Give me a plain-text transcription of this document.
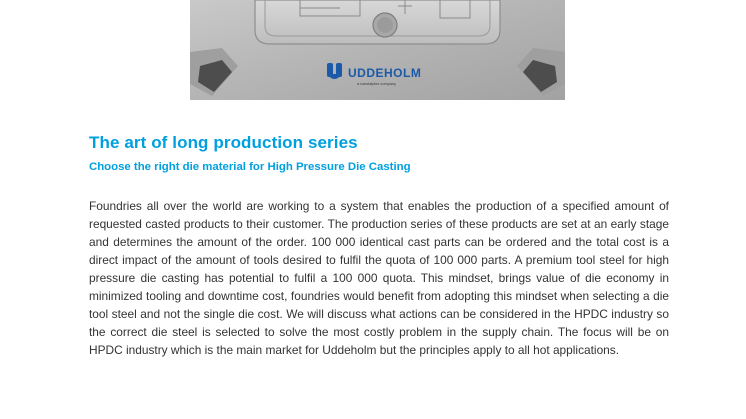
UDDEHOLM
a voestalpine company
The art of long production series
Choose the right die material for High Pressure Die Casting

Foundries all over the world are working to a system that enables the production of a specified amount of requested casted products to their customer. The production series of these products are set at an early stage and determines the amount of the order. 100 000 identical cast parts can be ordered and the total cost is a direct impact of the amount of tools desired to fulfil the quota of 100 000 parts. A premium tool steel for high pressure die casting has potential to fulfil a 100 000 quota. This mindset, brings value of die economy in minimized tooling and downtime cost, foundries would benefit from adopting this mindset when selecting a die tool steel and not the single die cost. We will discuss what actions can be considered in the HPDC industry so the correct die steel is selected to solve the most costly problem in the supply chain. The focus will be on HPDC industry which is the main market for Uddeholm but the principles apply to all hot applications.
